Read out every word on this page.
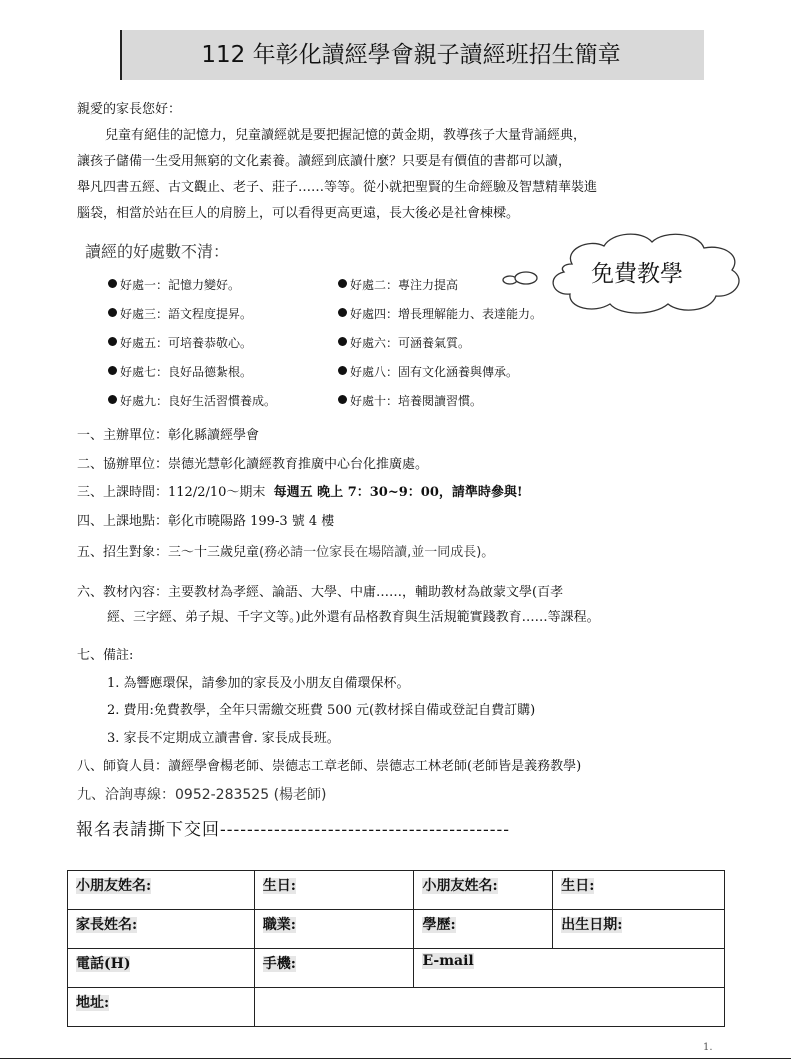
112 年彰化讀經學會親子讀經班招生簡章
親愛的家長您好：
兒童有絕佳的記憶力，兒童讀經就是要把握記憶的黃金期，教導孩子大量背誦經典，
讓孩子儲備一生受用無窮的文化素養。讀經到底讀什麼？只要是有價值的書都可以讀，
舉凡四書五經、古文觀止、老子、莊子……等等。從小就把聖賢的生命經驗及智慧精華裝進
腦袋，相當於站在巨人的肩膀上，可以看得更高更遠，長大後必是社會棟樑。
讀經的好處數不清：
好處一：記憶力變好。	好處二：專注力提高
好處三：語文程度提昇。	好處四：增長理解能力、表達能力。
好處五：可培養恭敬心。	好處六：可涵養氣質。
好處七：良好品德紮根。	好處八：固有文化涵養與傳承。
好處九：良好生活習慣養成。	好處十：培養閱讀習慣。
免費教學
一、主辦單位：彰化縣讀經學會
二、協辦單位：崇德光慧彰化讀經教育推廣中心台化推廣處。
三、上課時間：112/2/10～期末 每週五 晚上 7：30~9：00，請準時參與!
四、上課地點：彰化市曉陽路 199-3 號 4 樓
五、招生對象：三～十三歲兒童(務必請一位家長在場陪讀,並一同成長)。
六、教材內容：主要教材為孝經、論語、大學、中庸……，輔助教材為啟蒙文學(百孝
經、三字經、弟子規、千字文等。)此外還有品格教育與生活規範實踐教育……等課程。
七、備註:
1. 為響應環保，請參加的家長及小朋友自備環保杯。
2. 費用:免費教學，全年只需繳交班費 500 元(教材採自備或登記自費訂購)
3. 家長不定期成立讀書會. 家長成長班。
八、師資人員：讀經學會楊老師、崇德志工章老師、崇德志工林老師(老師皆是義務教學)
九、洽詢專線：0952-283525 (楊老師)
報名表請撕下交回-------------------------------------------
小朋友姓名:	生日:	小朋友姓名:	生日:
家長姓名:	職業:	學歷:	出生日期:
電話(H)	手機:	E-mail	
地址:			
1.
